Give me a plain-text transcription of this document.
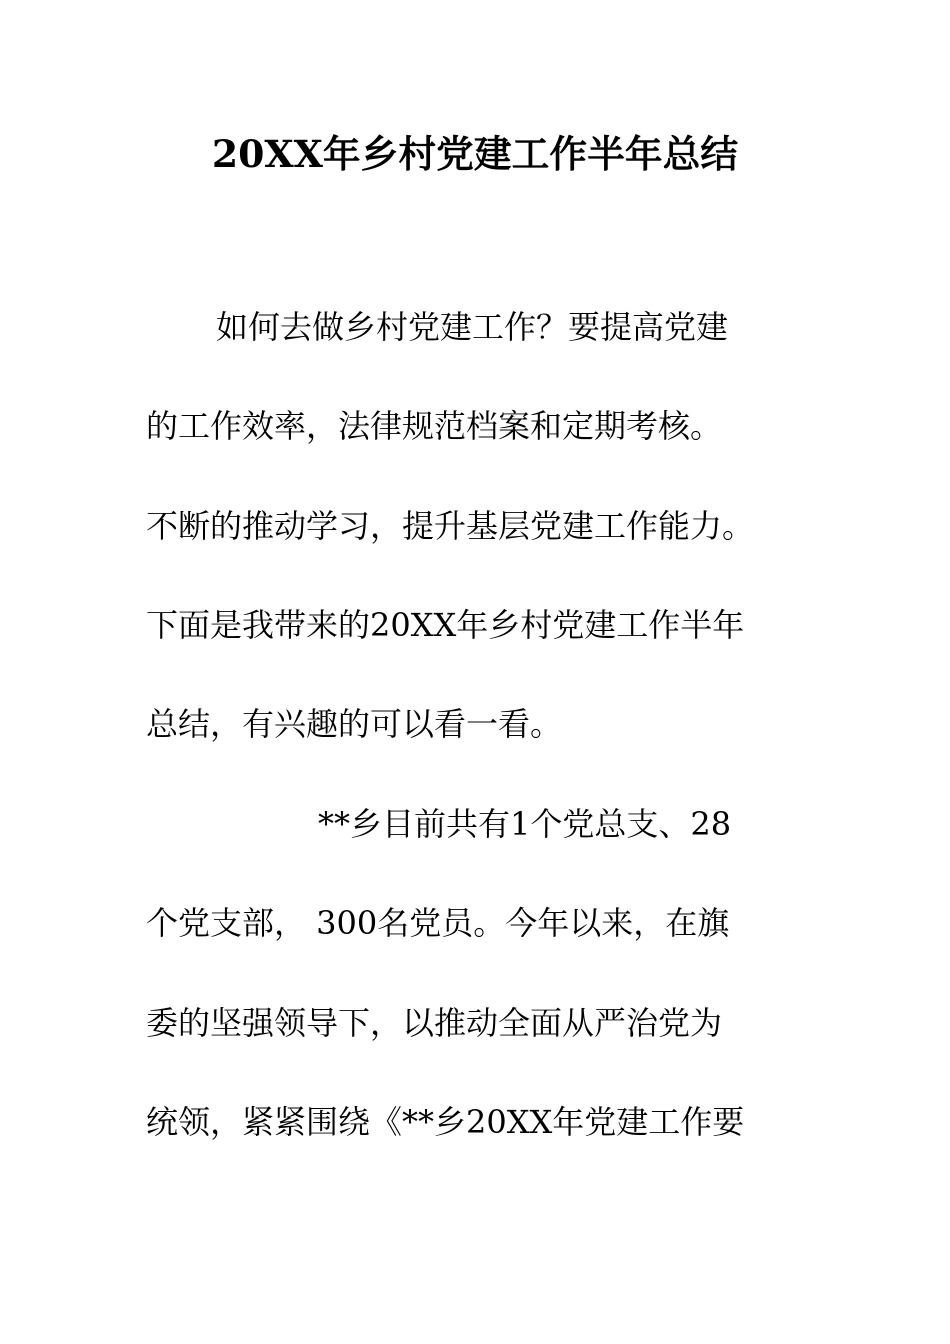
20XX年乡村党建工作半年总结
如何去做乡村党建工作？要提高党建
的工作效率，法律规范档案和定期考核。
不断的推动学习，提升基层党建工作能力。
下面是我带来的20XX年乡村党建工作半年
总结，有兴趣的可以看一看。
**乡目前共有1个党总支、28
个党支部， 300名党员。今年以来，在旗
委的坚强领导下，以推动全面从严治党为
统领，紧紧围绕《**乡20XX年党建工作要
